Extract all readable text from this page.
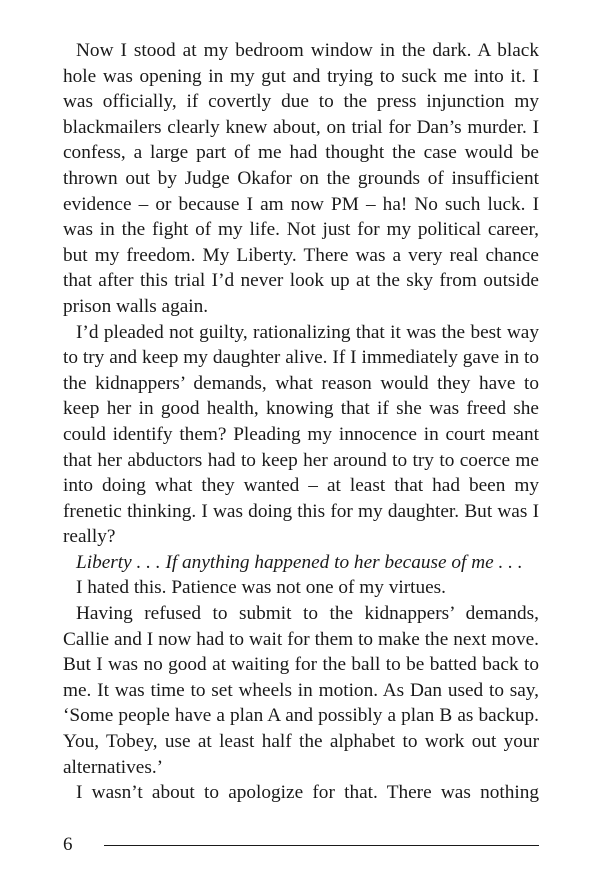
Now I stood at my bedroom window in the dark. A black hole was opening in my gut and trying to suck me into it. I was officially, if covertly due to the press injunction my blackmailers clearly knew about, on trial for Dan’s murder. I confess, a large part of me had thought the case would be thrown out by Judge Okafor on the grounds of insufficient evidence – or because I am now PM – ha! No such luck. I was in the fight of my life. Not just for my political career, but my freedom. My Liberty. There was a very real chance that after this trial I’d never look up at the sky from outside prison walls again.

I’d pleaded not guilty, rationalizing that it was the best way to try and keep my daughter alive. If I immediately gave in to the kidnappers’ demands, what reason would they have to keep her in good health, knowing that if she was freed she could identify them? Pleading my innocence in court meant that her abductors had to keep her around to try to coerce me into doing what they wanted – at least that had been my frenetic thinking. I was doing this for my daughter. But was I really?

Liberty . . . If anything happened to her because of me . . .

I hated this. Patience was not one of my virtues.

Having refused to submit to the kidnappers’ demands, Callie and I now had to wait for them to make the next move. But I was no good at waiting for the ball to be batted back to me. It was time to set wheels in motion. As Dan used to say, ‘Some people have a plan A and possibly a plan B as backup. You, Tobey, use at least half the alphabet to work out your alternatives.’

I wasn’t about to apologize for that. There was nothing

6
